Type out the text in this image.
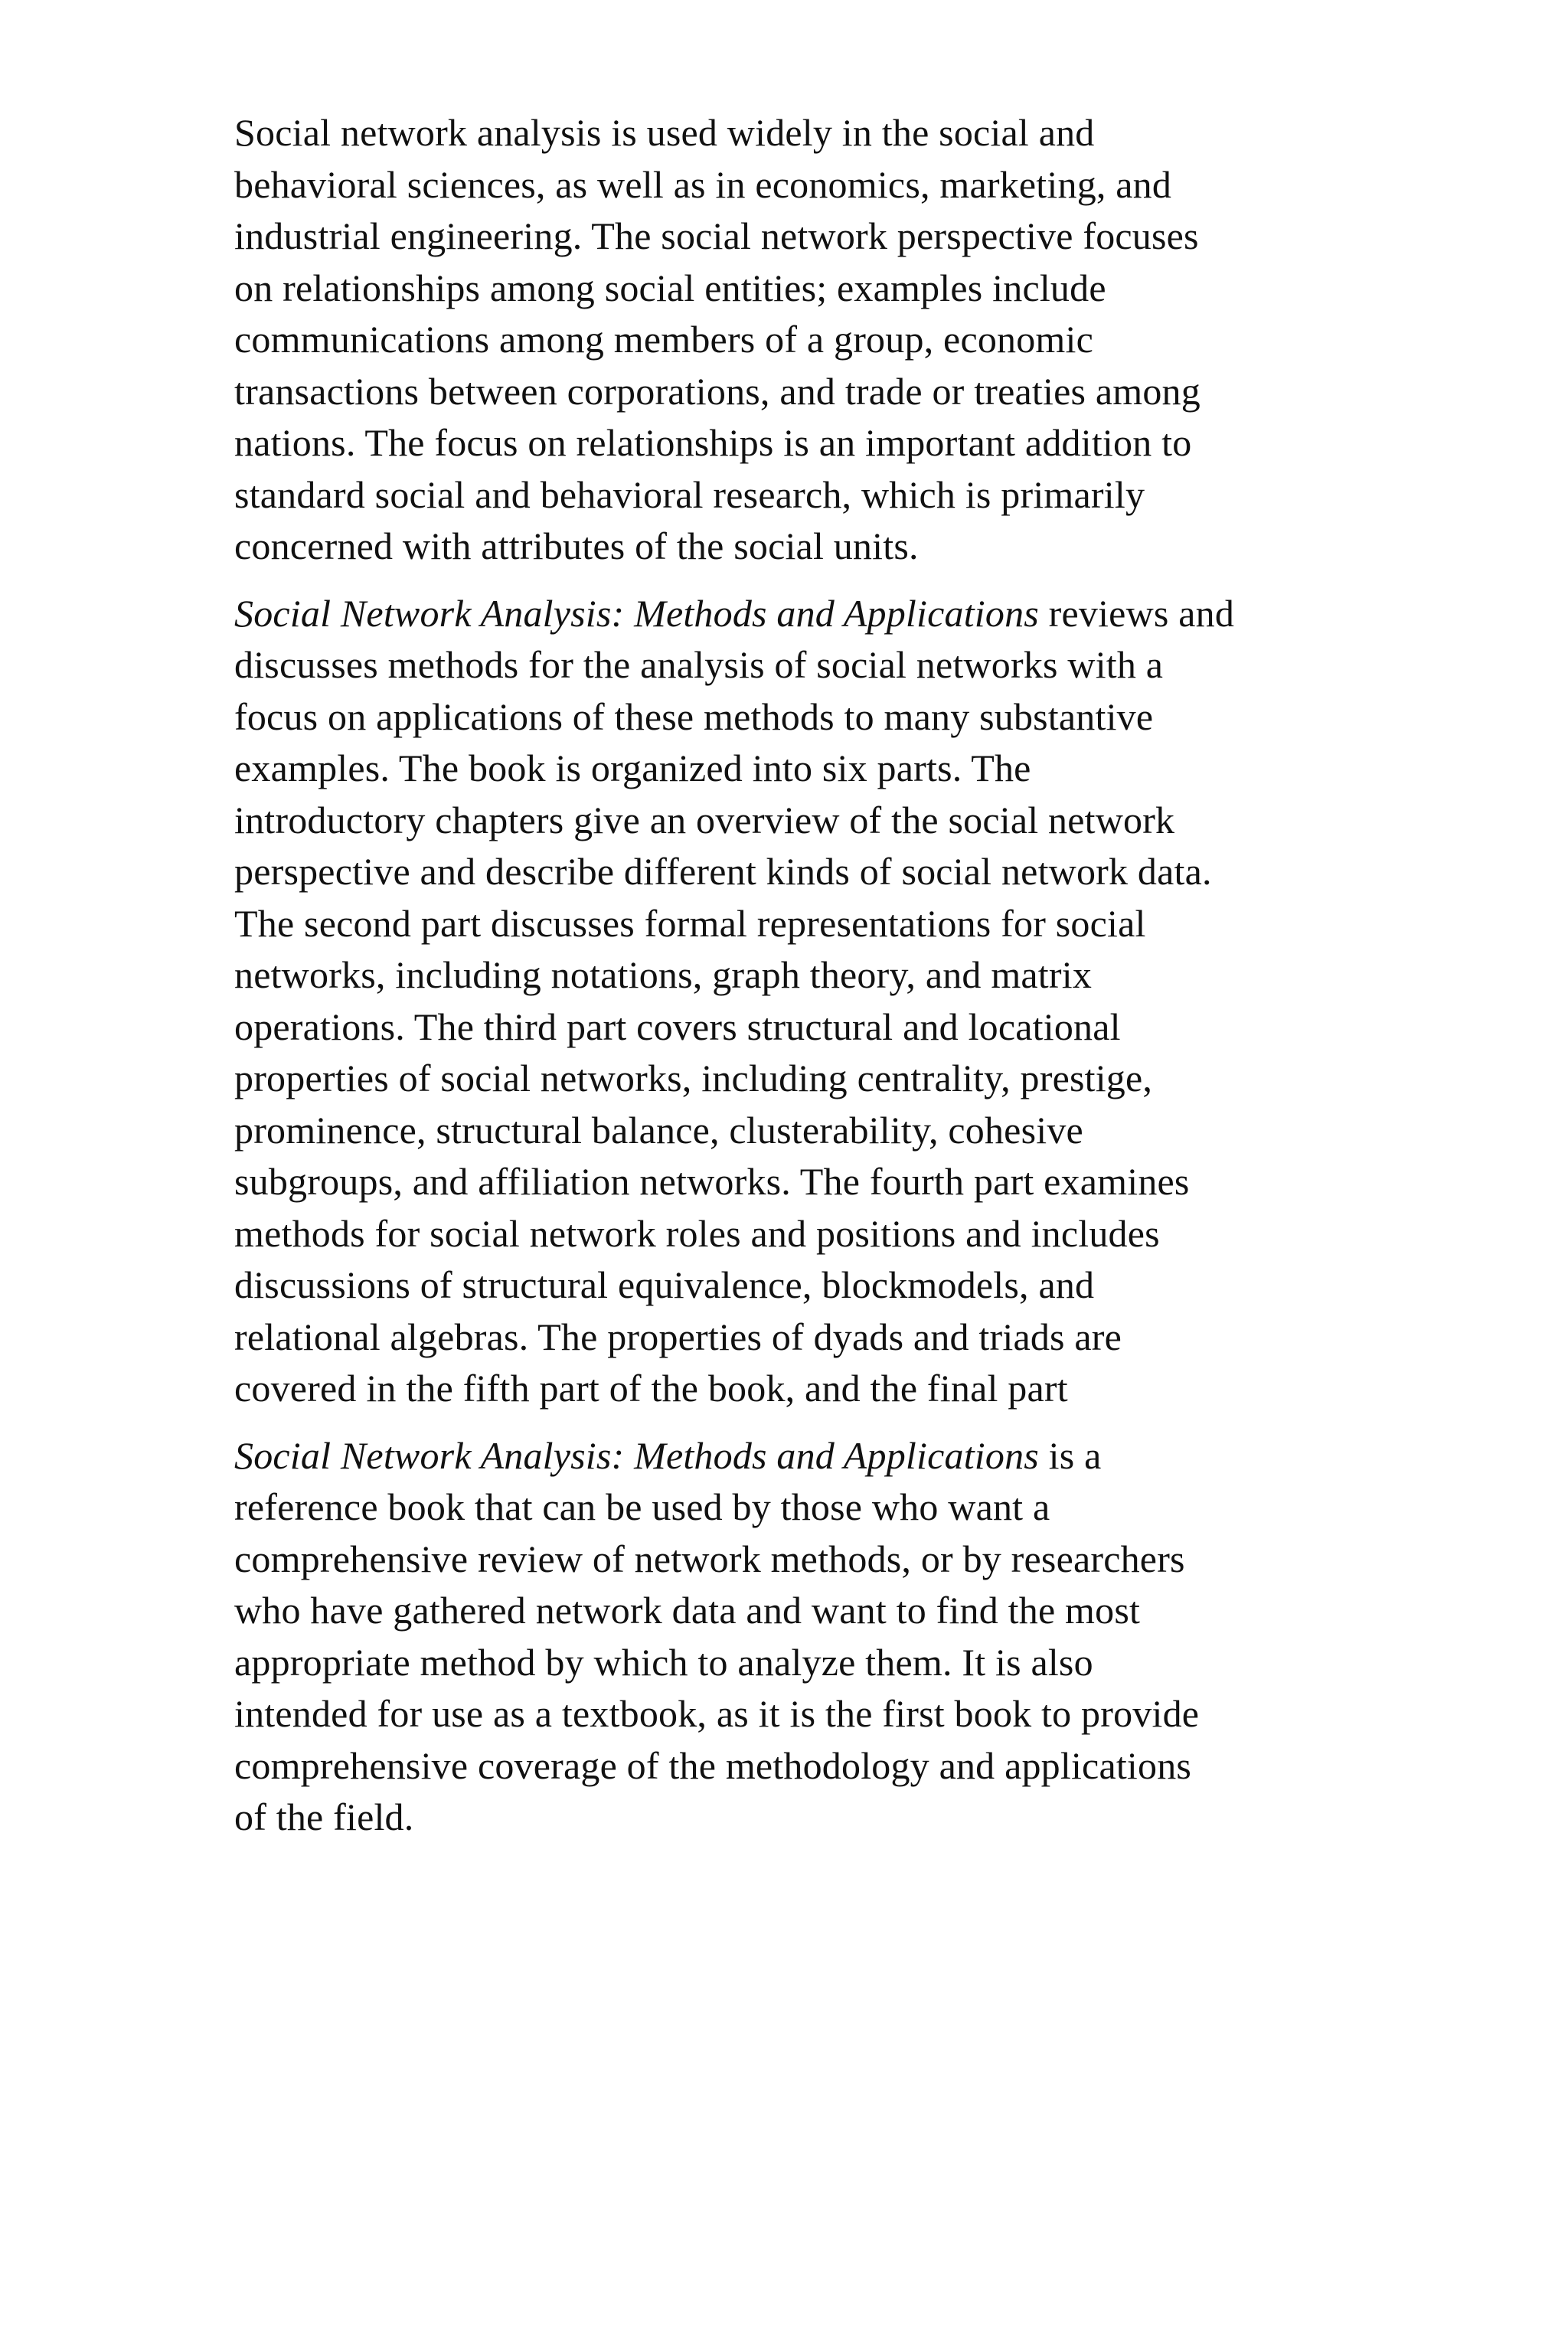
Social network analysis is used widely in the social and
behavioral sciences, as well as in economics, marketing, and
industrial engineering. The social network perspective focuses
on relationships among social entities; examples include
communications among members of a group, economic
transactions between corporations, and trade or treaties among
nations. The focus on relationships is an important addition to
standard social and behavioral research, which is primarily
concerned with attributes of the social units.

Social Network Analysis: Methods and Applications reviews and
discusses methods for the analysis of social networks with a
focus on applications of these methods to many substantive
examples. The book is organized into six parts. The
introductory chapters give an overview of the social network
perspective and describe different kinds of social network data.
The second part discusses formal representations for social
networks, including notations, graph theory, and matrix
operations. The third part covers structural and locational
properties of social networks, including centrality, prestige,
prominence, structural balance, clusterability, cohesive
subgroups, and affiliation networks. The fourth part examines
methods for social network roles and positions and includes
discussions of structural equivalence, blockmodels, and
relational algebras. The properties of dyads and triads are
covered in the fifth part of the book, and the final part

Social Network Analysis: Methods and Applications is a
reference book that can be used by those who want a
comprehensive review of network methods, or by researchers
who have gathered network data and want to find the most
appropriate method by which to analyze them. It is also
intended for use as a textbook, as it is the first book to provide
comprehensive coverage of the methodology and applications
of the field.
